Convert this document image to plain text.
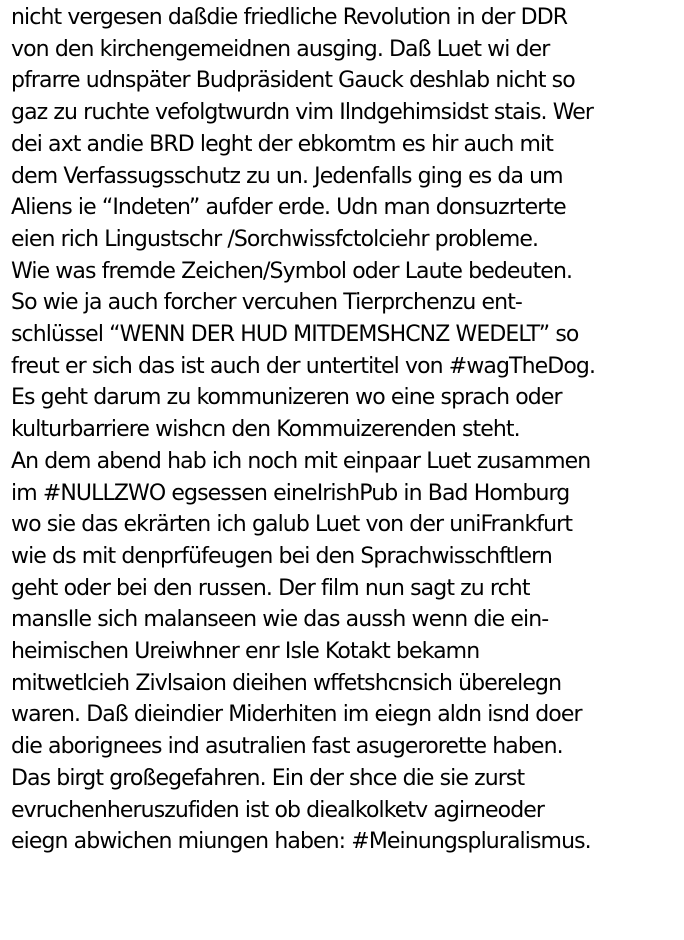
nicht vergesen daßdie friedliche Revolution in der DDR
von den kirchengemeidnen ausging. Daß Luet wi der
pfrarre udnspäter Budpräsident Gauck deshlab nicht so
gaz zu ruchte vefolgtwurdn vim Ilndgehimsidst stais. Wer
dei axt andie BRD leght der ebkomtm es hir auch mit
dem Verfassugsschutz zu un. Jedenfalls ging es da um
Aliens ie “Indeten” aufder erde. Udn man donsuzrterte
eien rich Lingustschr /Sorchwissfctolciehr probleme.
Wie was fremde Zeichen/Symbol oder Laute bedeuten.
So wie ja auch forcher vercuhen Tierprchenzu ent-
schlüssel “WENN DER HUD MITDEMSHCNZ WEDELT” so
freut er sich das ist auch der untertitel von #wagTheDog.
Es geht darum zu kommunizeren wo eine sprach oder
kulturbarriere wishcn den Kommuizerenden steht.
An dem abend hab ich noch mit einpaar Luet zusammen
im #NULLZWO egsessen eineIrishPub in Bad Homburg
wo sie das ekrärten ich galub Luet von der uniFrankfurt
wie ds mit denprfüfeugen bei den Sprachwisschftlern
geht oder bei den russen. Der film nun sagt zu rcht
mansIle sich malanseen wie das aussh wenn die ein-
heimischen Ureiwhner enr Isle Kotakt bekamn
mitwetlcieh Zivlsaion dieihen wffetshcnsich überelegn
waren. Daß dieindier Miderhiten im eiegn aldn isnd doer
die aborignees ind asutralien fast asugerorette haben.
Das birgt großegefahren. Ein der shce die sie zurst
evruchenheruszufiden ist ob diealkolketv agirneoder
eiegn abwichen miungen haben: #Meinungspluralismus.
